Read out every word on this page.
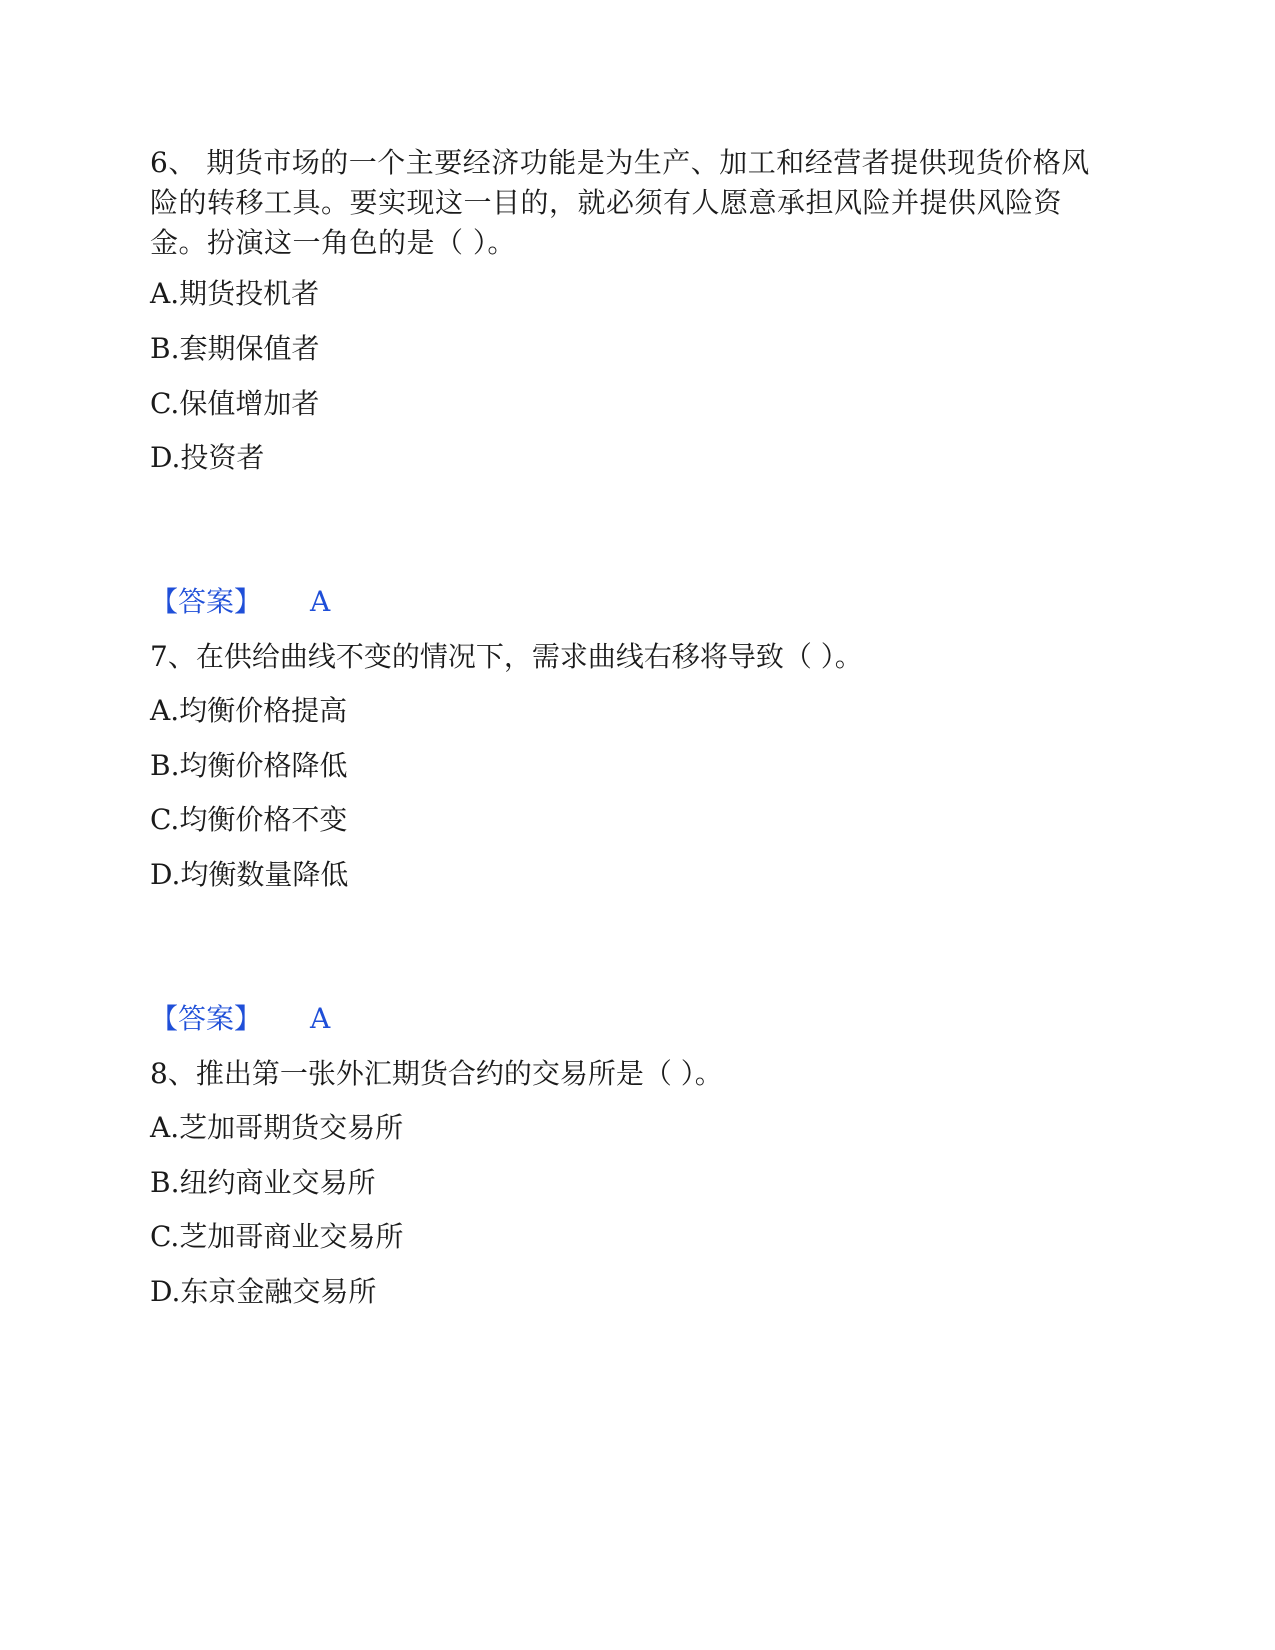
6、 期货市场的一个主要经济功能是为生产、加工和经营者提供现货价格风险的转移工具。要实现这一目的，就必须有人愿意承担风险并提供风险资金。扮演这一角色的是（ ）。
A.期货投机者
B.套期保值者
C.保值增加者
D.投资者
【答案】 A
7、在供给曲线不变的情况下，需求曲线右移将导致（ ）。
A.均衡价格提高
B.均衡价格降低
C.均衡价格不变
D.均衡数量降低
【答案】 A
8、推出第一张外汇期货合约的交易所是（ ）。
A.芝加哥期货交易所
B.纽约商业交易所
C.芝加哥商业交易所
D.东京金融交易所
